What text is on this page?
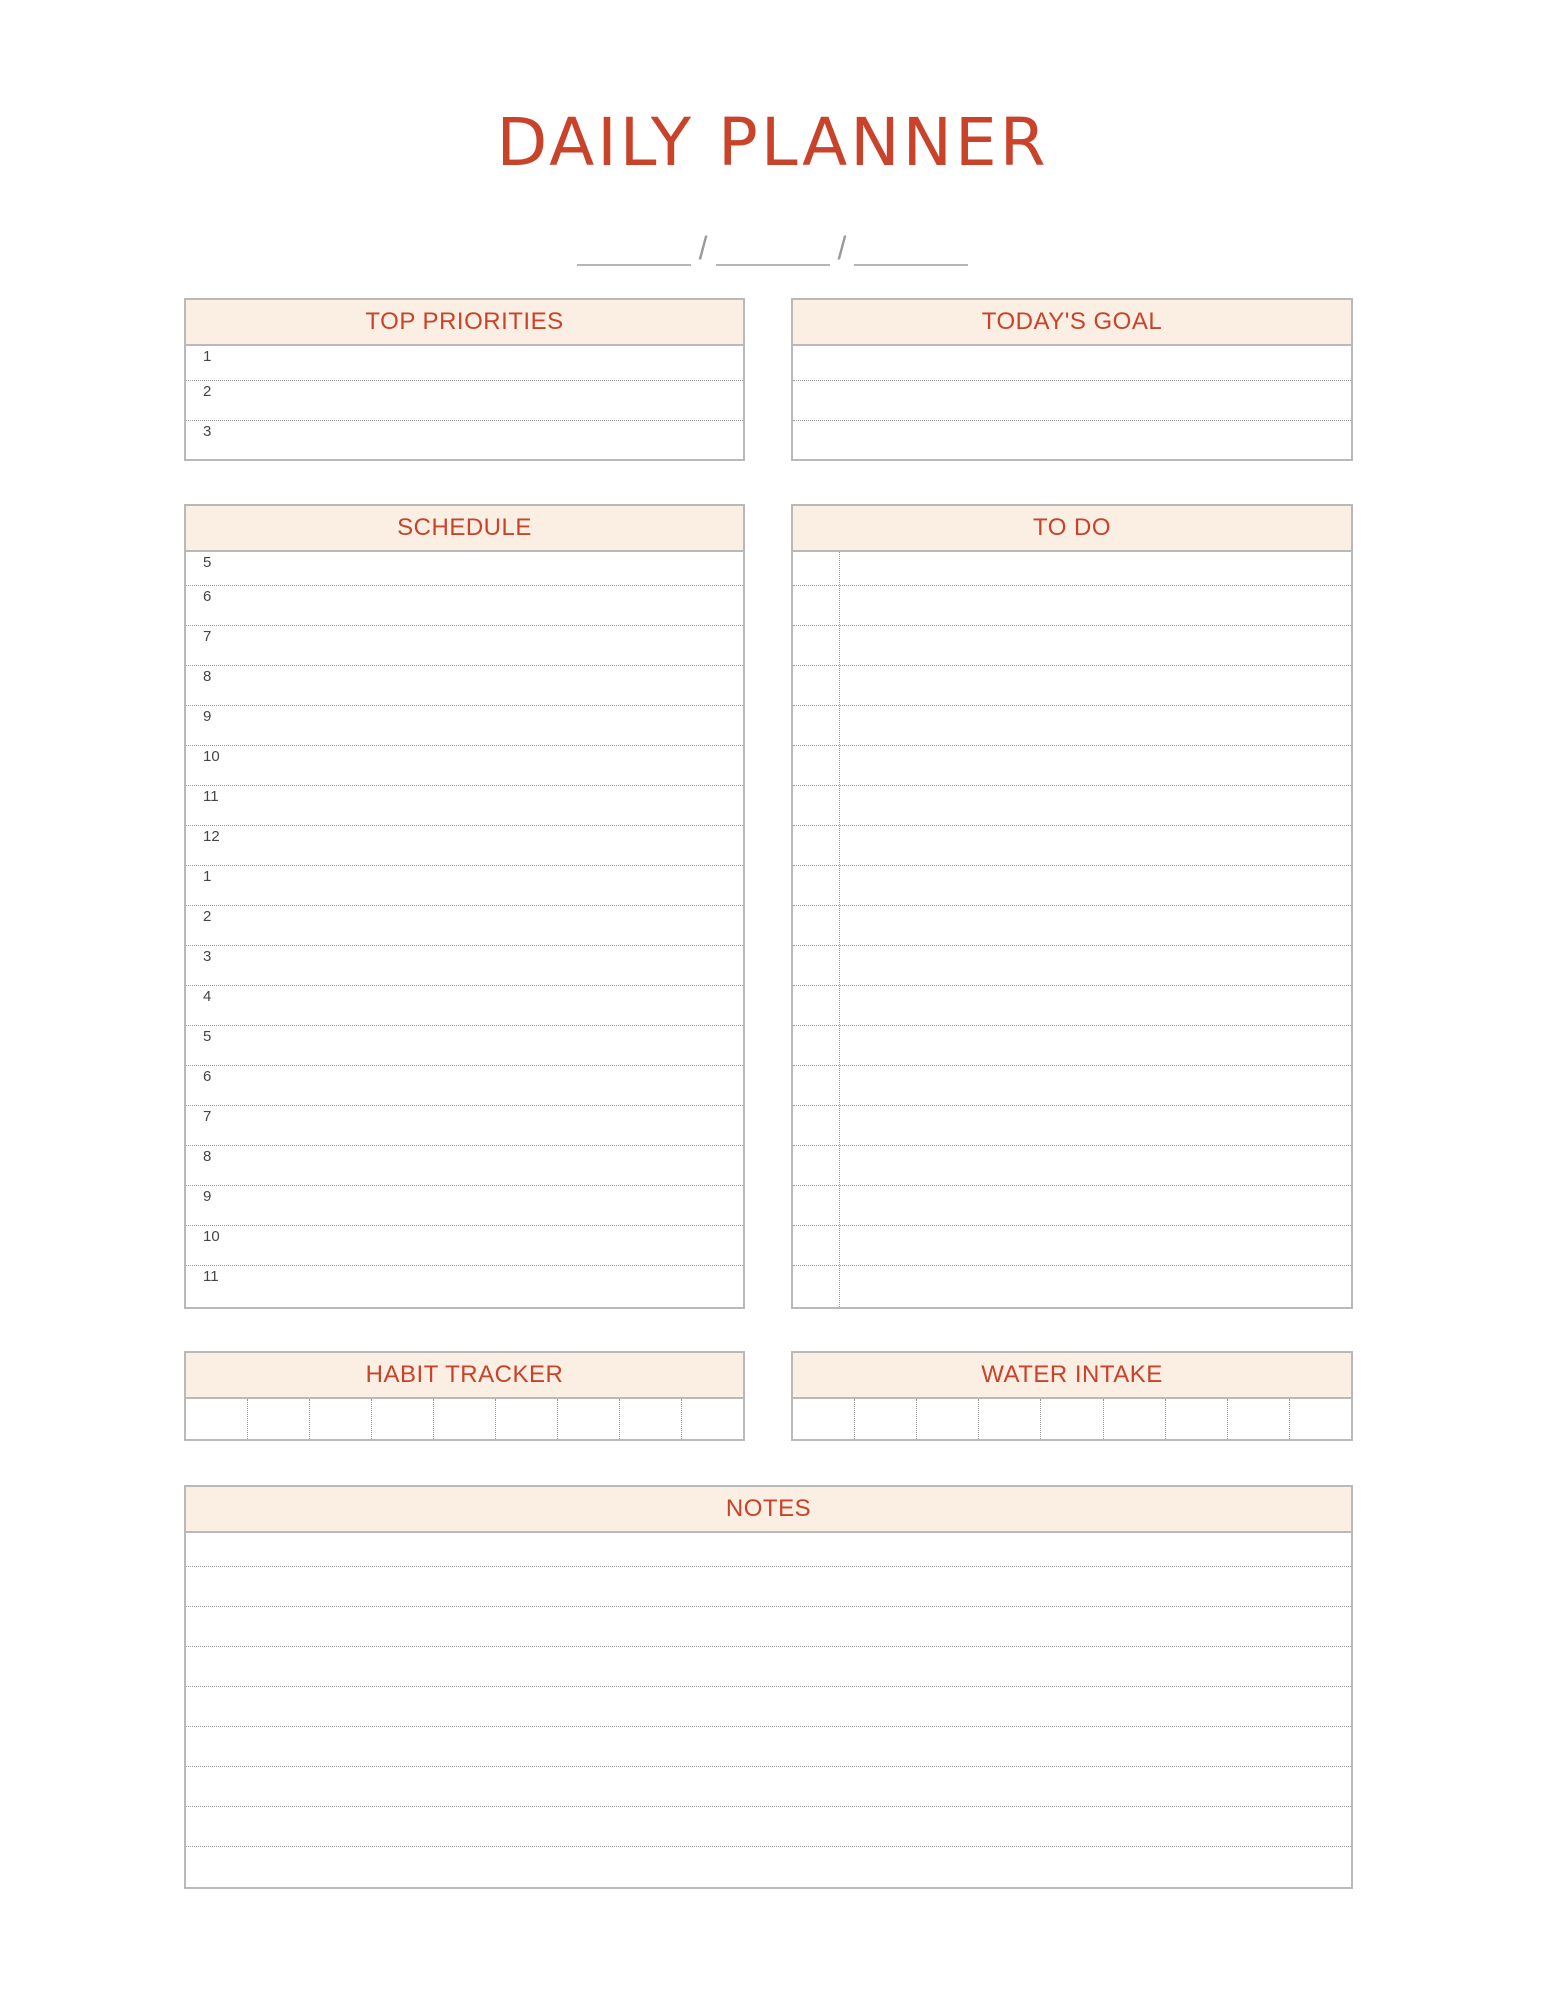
DAILY PLANNER
/	/
TOP PRIORITIES
1
2
3
TODAY'S GOAL
SCHEDULE
5
6
7
8
9
10
11
12
1
2
3
4
5
6
7
8
9
10
11
TO DO
HABIT TRACKER	WATER INTAKE
NOTES
